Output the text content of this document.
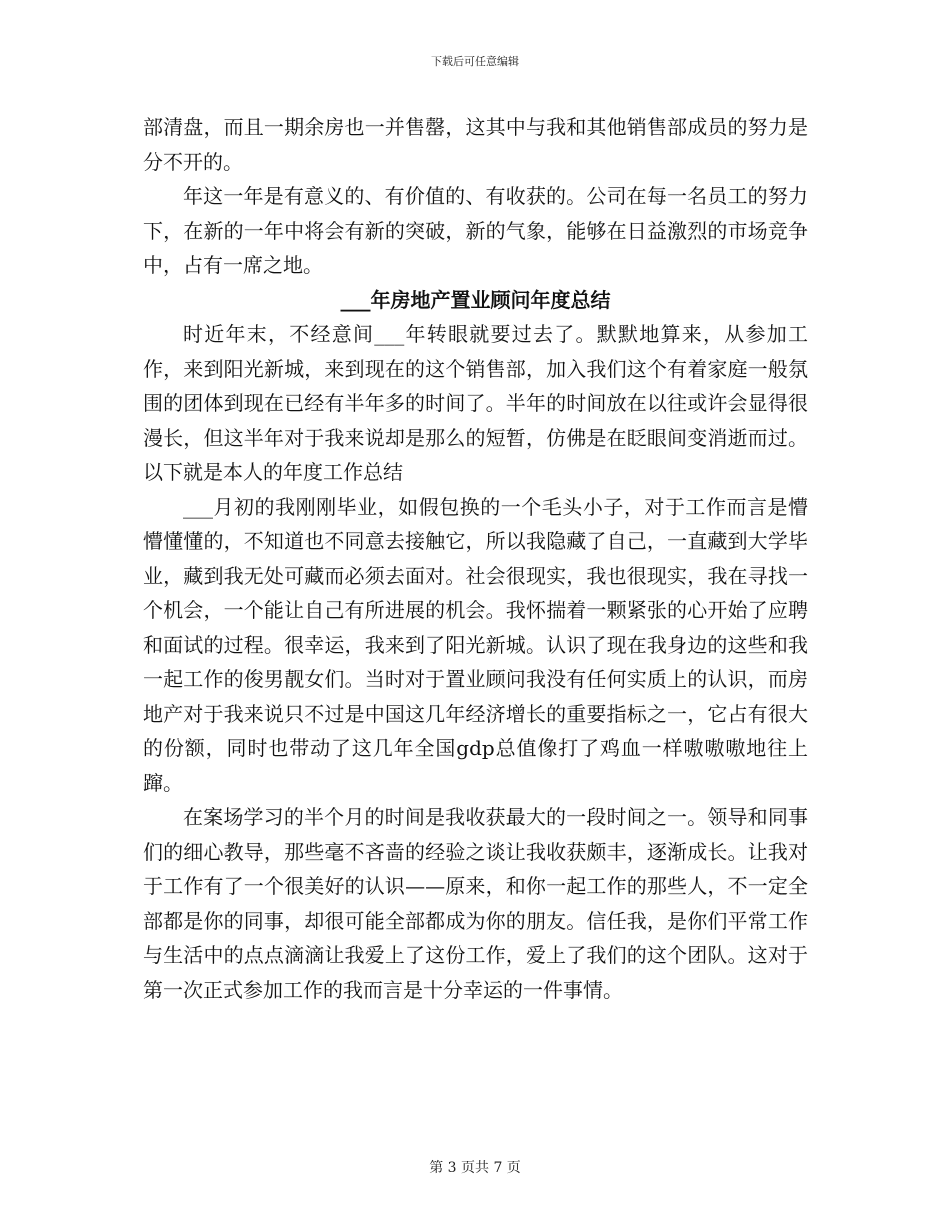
下载后可任意编辑

部清盘，而且一期余房也一并售罄，这其中与我和其他销售部成员的努力是分不开的。

年这一年是有意义的、有价值的、有收获的。公司在每一名员工的努力下，在新的一年中将会有新的突破，新的气象，能够在日益激烈的市场竞争中，占有一席之地。

___年房地产置业顾问年度总结

时近年末，不经意间___年转眼就要过去了。默默地算来，从参加工作，来到阳光新城，来到现在的这个销售部，加入我们这个有着家庭一般氛围的团体到现在已经有半年多的时间了。半年的时间放在以往或许会显得很漫长，但这半年对于我来说却是那么的短暂，仿佛是在眨眼间变消逝而过。以下就是本人的年度工作总结

___月初的我刚刚毕业，如假包换的一个毛头小子，对于工作而言是懵懵懂懂的，不知道也不同意去接触它，所以我隐藏了自己，一直藏到大学毕业，藏到我无处可藏而必须去面对。社会很现实，我也很现实，我在寻找一个机会，一个能让自己有所进展的机会。我怀揣着一颗紧张的心开始了应聘和面试的过程。很幸运，我来到了阳光新城。认识了现在我身边的这些和我一起工作的俊男靓女们。当时对于置业顾问我没有任何实质上的认识，而房地产对于我来说只不过是中国这几年经济增长的重要指标之一，它占有很大的份额，同时也带动了这几年全国gdp总值像打了鸡血一样嗷嗷嗷地往上蹿。

在案场学习的半个月的时间是我收获最大的一段时间之一。领导和同事们的细心教导，那些毫不吝啬的经验之谈让我收获颇丰，逐渐成长。让我对于工作有了一个很美好的认识——原来，和你一起工作的那些人，不一定全部都是你的同事，却很可能全部都成为你的朋友。信任我，是你们平常工作与生活中的点点滴滴让我爱上了这份工作，爱上了我们的这个团队。这对于第一次正式参加工作的我而言是十分幸运的一件事情。

第 3 页共 7 页
